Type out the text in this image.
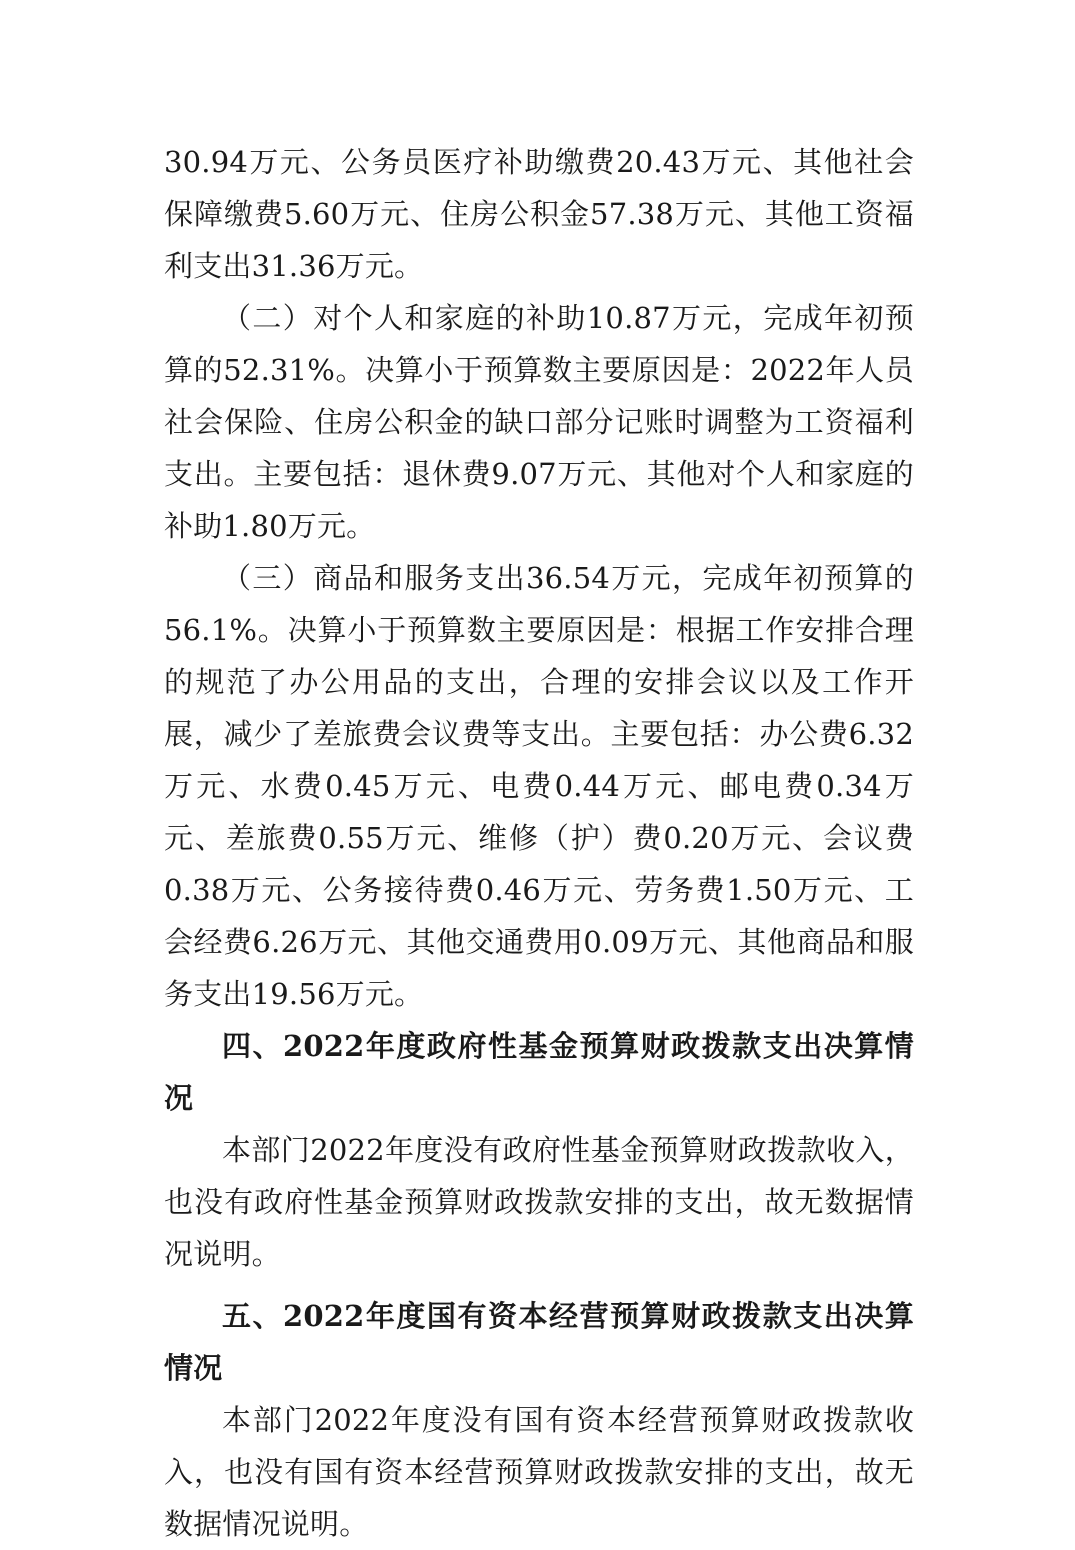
30.94万元、公务员医疗补助缴费20.43万元、其他社会保障缴费5.60万元、住房公积金57.38万元、其他工资福利支出31.36万元。

（二）对个人和家庭的补助10.87万元，完成年初预算的52.31%。决算小于预算数主要原因是：2022年人员社会保险、住房公积金的缺口部分记账时调整为工资福利支出。主要包括：退休费9.07万元、其他对个人和家庭的补助1.80万元。

（三）商品和服务支出36.54万元，完成年初预算的56.1%。决算小于预算数主要原因是：根据工作安排合理的规范了办公用品的支出，合理的安排会议以及工作开展，减少了差旅费会议费等支出。主要包括：办公费6.32万元、水费0.45万元、电费0.44万元、邮电费0.34万元、差旅费0.55万元、维修（护）费0.20万元、会议费0.38万元、公务接待费0.46万元、劳务费1.50万元、工会经费6.26万元、其他交通费用0.09万元、其他商品和服务支出19.56万元。

四、2022年度政府性基金预算财政拨款支出决算情况

本部门2022年度没有政府性基金预算财政拨款收入，也没有政府性基金预算财政拨款安排的支出，故无数据情况说明。

五、2022年度国有资本经营预算财政拨款支出决算情况

本部门2022年度没有国有资本经营预算财政拨款收入，也没有国有资本经营预算财政拨款安排的支出，故无数据情况说明。
